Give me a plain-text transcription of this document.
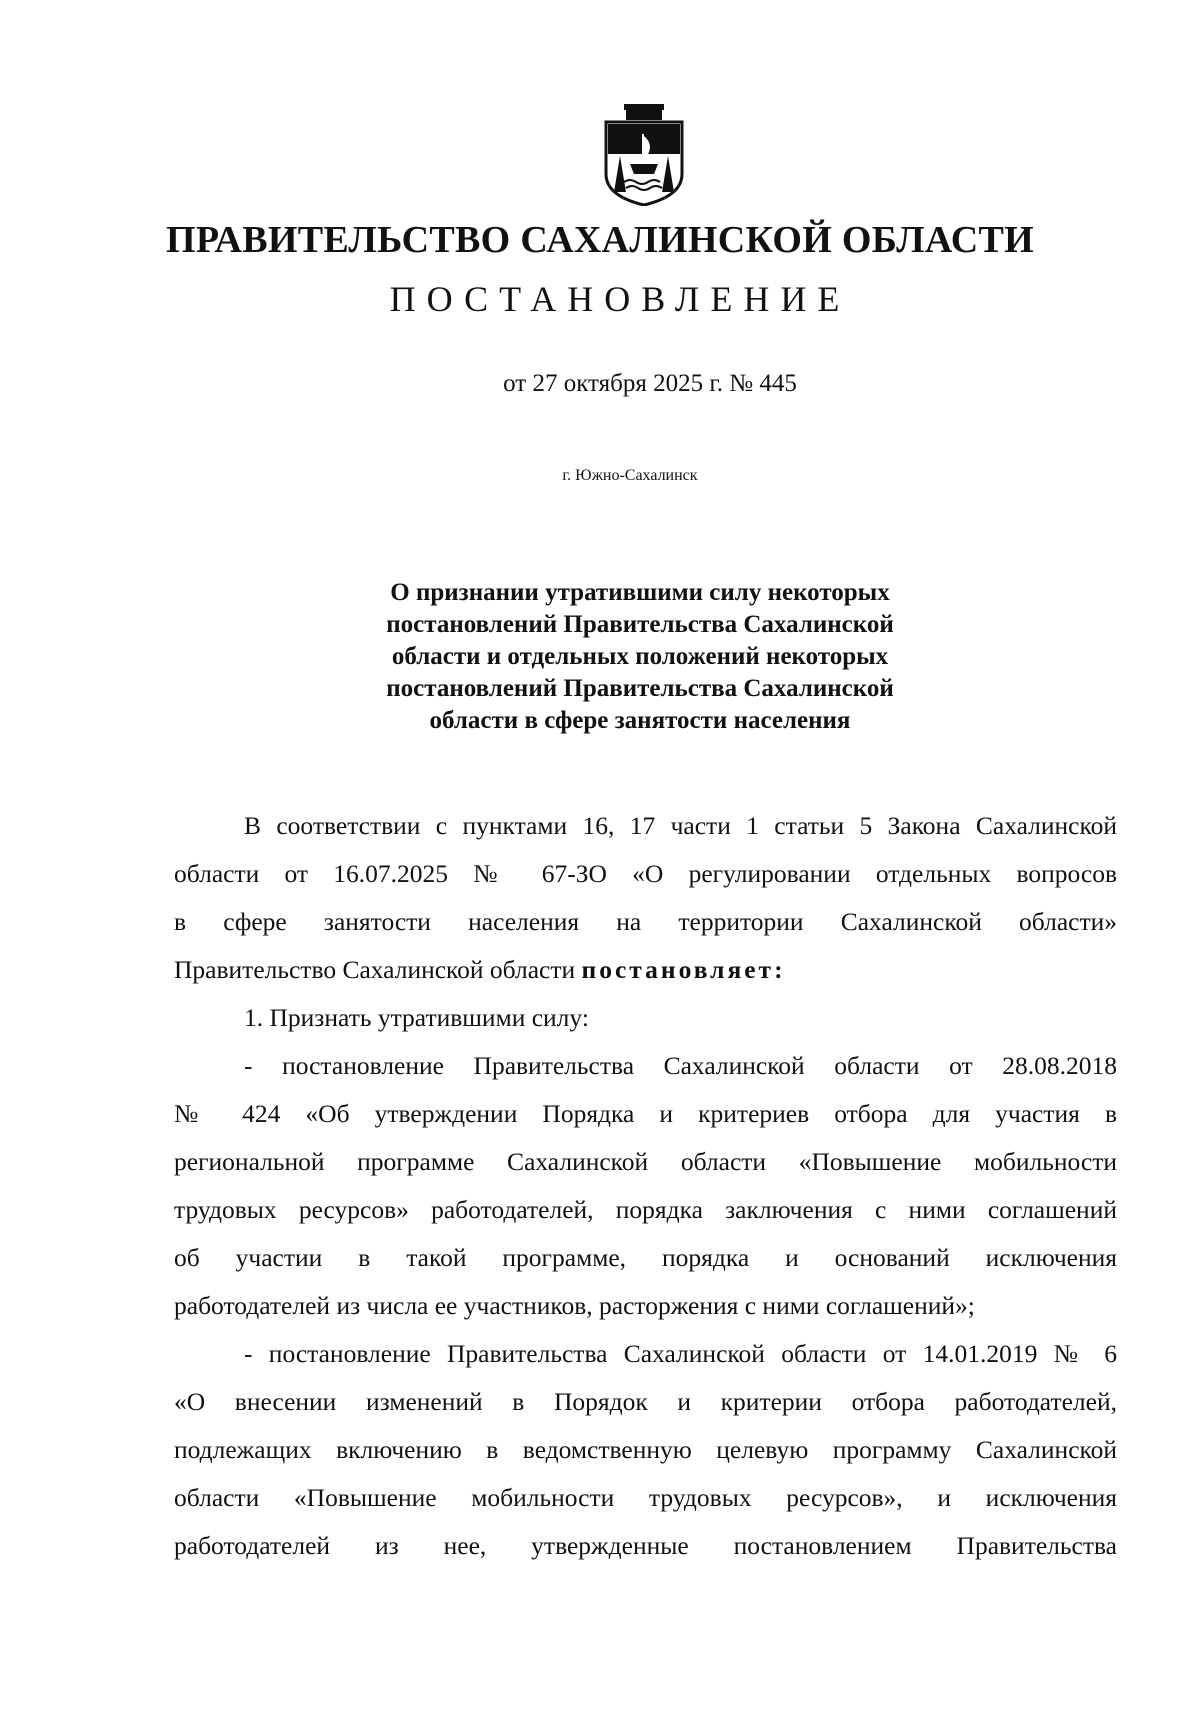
ПРАВИТЕЛЬСТВО САХАЛИНСКОЙ ОБЛАСТИ
ПОСТАНОВЛЕНИЕ
от 27 октября 2025 г. № 445
г. Южно-Сахалинск
О признании утратившими силу некоторых
постановлений Правительства Сахалинской
области и отдельных положений некоторых
постановлений Правительства Сахалинской
области в сфере занятости населения
В соответствии с пунктами 16, 17 части 1 статьи 5 Закона Сахалинской
области от 16.07.2025 № 67-ЗО «О регулировании отдельных вопросов
в сфере занятости населения на территории Сахалинской области»
Правительство Сахалинской области постановляет:
1. Признать утратившими силу:
- постановление Правительства Сахалинской области от 28.08.2018
№ 424 «Об утверждении Порядка и критериев отбора для участия в
региональной программе Сахалинской области «Повышение мобильности
трудовых ресурсов» работодателей, порядка заключения с ними соглашений
об участии в такой программе, порядка и оснований исключения
работодателей из числа ее участников, расторжения с ними соглашений»;
- постановление Правительства Сахалинской области от 14.01.2019 № 6
«О внесении изменений в Порядок и критерии отбора работодателей,
подлежащих включению в ведомственную целевую программу Сахалинской
области «Повышение мобильности трудовых ресурсов», и исключения
работодателей из нее, утвержденные постановлением Правительства
